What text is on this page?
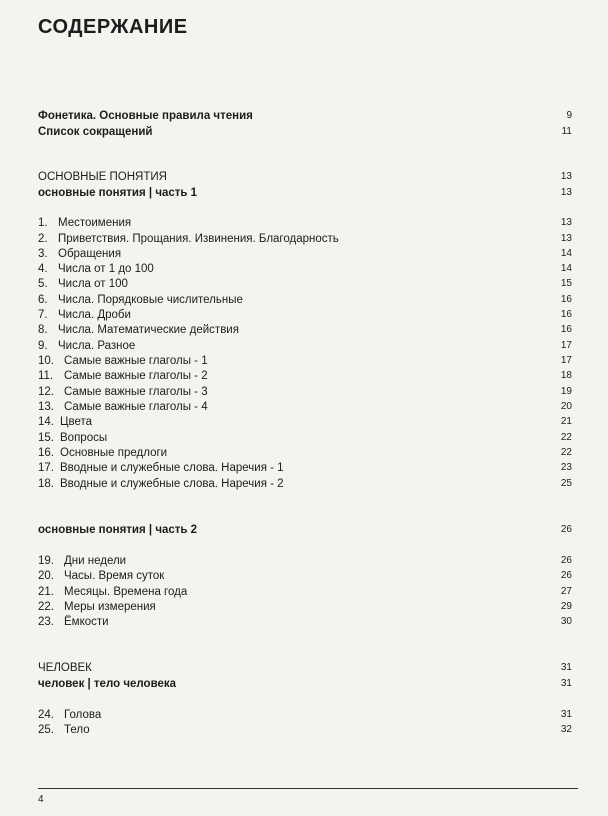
СОДЕРЖАНИЕ
Фонетика. Основные правила чтения	9
Список сокращений	11
ОСНОВНЫЕ ПОНЯТИЯ	13
основные понятия | часть 1	13
1. Местоимения	13
2. Приветствия. Прощания. Извинения. Благодарность	13
3. Обращения	14
4. Числа от 1 до 100	14
5. Числа от 100	15
6. Числа. Порядковые числительные	16
7. Числа. Дроби	16
8. Числа. Математические действия	16
9. Числа. Разное	17
10. Самые важные глаголы - 1	17
11. Самые важные глаголы - 2	18
12. Самые важные глаголы - 3	19
13. Самые важные глаголы - 4	20
14. Цвета	21
15. Вопросы	22
16. Основные предлоги	22
17. Вводные и служебные слова. Наречия - 1	23
18. Вводные и служебные слова. Наречия - 2	25
основные понятия | часть 2	26
19. Дни недели	26
20. Часы. Время суток	26
21. Месяцы. Времена года	27
22. Меры измерения	29
23. Ёмкости	30
ЧЕЛОВЕК	31
человек | тело человека	31
24. Голова	31
25. Тело	32
4
